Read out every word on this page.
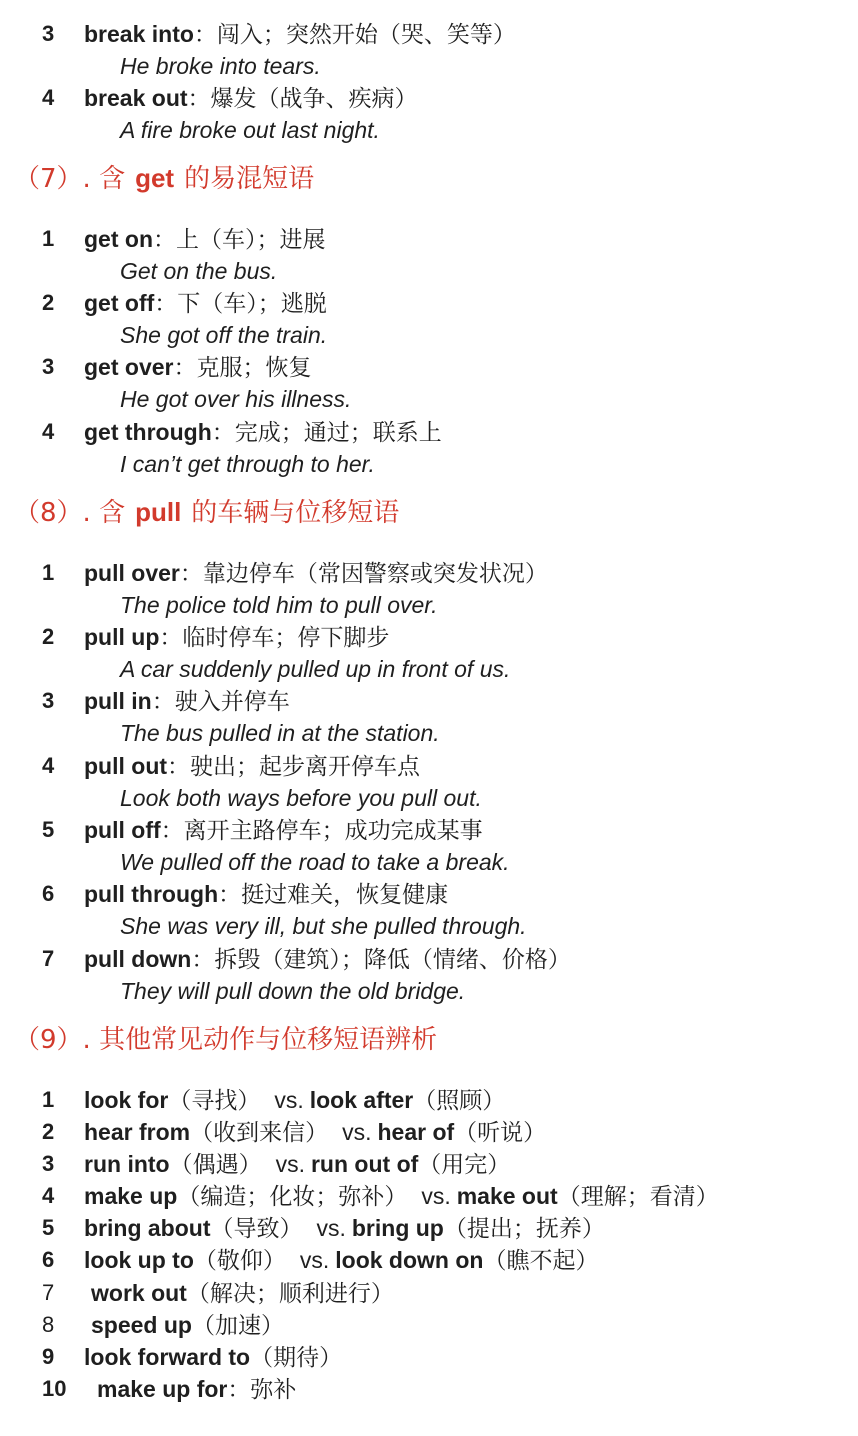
3 break into：闯入；突然开始（哭、笑等）
He broke into tears.
4 break out：爆发（战争、疾病）
A fire broke out last night.
（7）. 含 get 的易混短语
1 get on：上（车）；进展
Get on the bus.
2 get off：下（车）；逃脱
She got off the train.
3 get over：克服；恢复
He got over his illness.
4 get through：完成；通过；联系上
I can’t get through to her.
（8）. 含 pull 的车辆与位移短语
1 pull over：靠边停车（常因警察或突发状况）
The police told him to pull over.
2 pull up：临时停车；停下脚步
A car suddenly pulled up in front of us.
3 pull in：驶入并停车
The bus pulled in at the station.
4 pull out：驶出；起步离开停车点
Look both ways before you pull out.
5 pull off：离开主路停车；成功完成某事
We pulled off the road to take a break.
6 pull through：挺过难关，恢复健康
She was very ill, but she pulled through.
7 pull down：拆毁（建筑）；降低（情绪、价格）
They will pull down the old bridge.
（9）. 其他常见动作与位移短语辨析
1 look for（寻找） vs. look after（照顾）
2 hear from（收到来信） vs. hear of（听说）
3 run into（偶遇） vs. run out of（用完）
4 make up（编造；化妆；弥补） vs. make out（理解；看清）
5 bring about（导致） vs. bring up（提出；抚养）
6 look up to（敬仰） vs. look down on（瞧不起）
7 work out（解决；顺利进行）
8 speed up（加速）
9 look forward to（期待）
10 make up for：弥补
